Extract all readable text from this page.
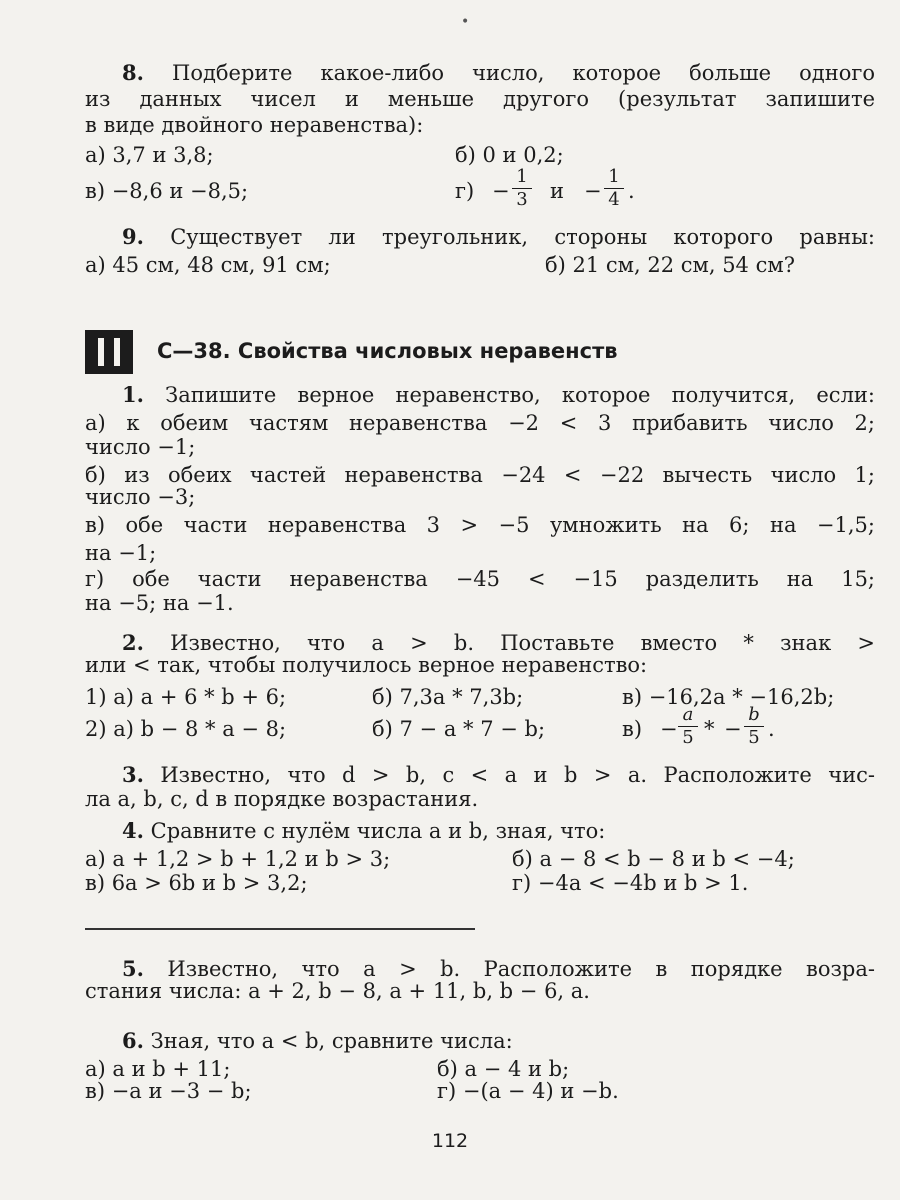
•
8. Подберите какое-либо число, которое больше одного
из данных чисел и меньше другого (результат запишите
в виде двойного неравенства):
а) 3,7 и 3,8;	б) 0 и 0,2;
в) −8,6 и −8,5;	$г) - \frac{1}{3}$ $и - \frac{1}{4}$ .
9. Существует ли треугольник, стороны которого равны:
а) 45 см, 48 см, 91 см;	б) 21 см, 22 см, 54 см?
С—38. Свойства числовых неравенств
1. Запишите верное неравенство, которое получится, если:
а) к обеим частям неравенства −2 < 3 прибавить число 2;
число −1;
б) из обеих частей неравенства −24 < −22 вычесть число 1;
число −3;
в) обе части неравенства 3 > −5 умножить на 6; на −1,5;
на −1;
г) обе части неравенства −45 < −15 разделить на 15;
на −5; на −1.
2. Известно, что a > b. Поставьте вместо * знак >
или < так, чтобы получилось верное неравенство:
1) а) a + 6 * b + 6;	б) 7,3a * 7,3b;	в) −16,2a * −16,2b;
2) а) b − 8 * a − 8;	б) 7 − a * 7 − b;	$в) - \frac{a}{5}$ * − $\frac{b}{5}$ .
3. Известно, что d > b, c < a и b > a. Расположите чис-
ла a, b, c, d в порядке возрастания.
4. Сравните с нулём числа a и b, зная, что:
а) a + 1,2 > b + 1,2 и b > 3;	б) a − 8 < b − 8 и b < −4;
в) 6a > 6b и b > 3,2;	г) −4a < −4b и b > 1.
5. Известно, что a > b. Расположите в порядке возра-
стания числа: a + 2, b − 8, a + 11, b, b − 6, a.
6. Зная, что a < b, сравните числа:
а) a и b + 11;	б) a − 4 и b;
в) −a и −3 − b;	г) −(a − 4) и −b.
112
